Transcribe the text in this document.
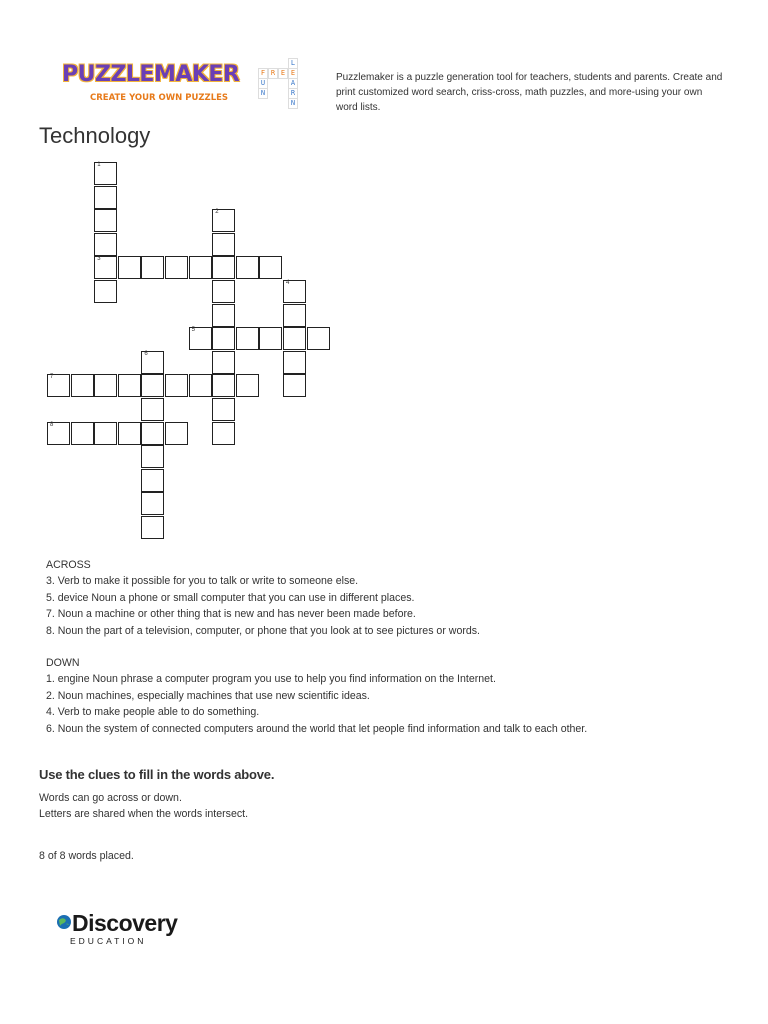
PUZZLEMAKER
CREATE YOUR OWN PUZZLES
F R E E
L
U
N
A
R
N

Puzzlemaker is a puzzle generation tool for teachers, students and parents. Create and print customized word search, criss-cross, math puzzles, and more-using your own word lists.

Technology
1
3
2
4
5
6
7
8
ACROSS
3. Verb to make it possible for you to talk or write to someone else.
5. device Noun a phone or small computer that you can use in different places.
7. Noun a machine or other thing that is new and has never been made before.
8. Noun the part of a television, computer, or phone that you look at to see pictures or words.
DOWN
1. engine Noun phrase a computer program you use to help you find information on the Internet.
2. Noun machines, especially machines that use new scientific ideas.
4. Verb to make people able to do something.
6. Noun the system of connected computers around the world that let people find information and talk to each other.
Use the clues to fill in the words above.
Words can go across or down.
Letters are shared when the words intersect.
8 of 8 words placed.
Discovery
EDUCATION
